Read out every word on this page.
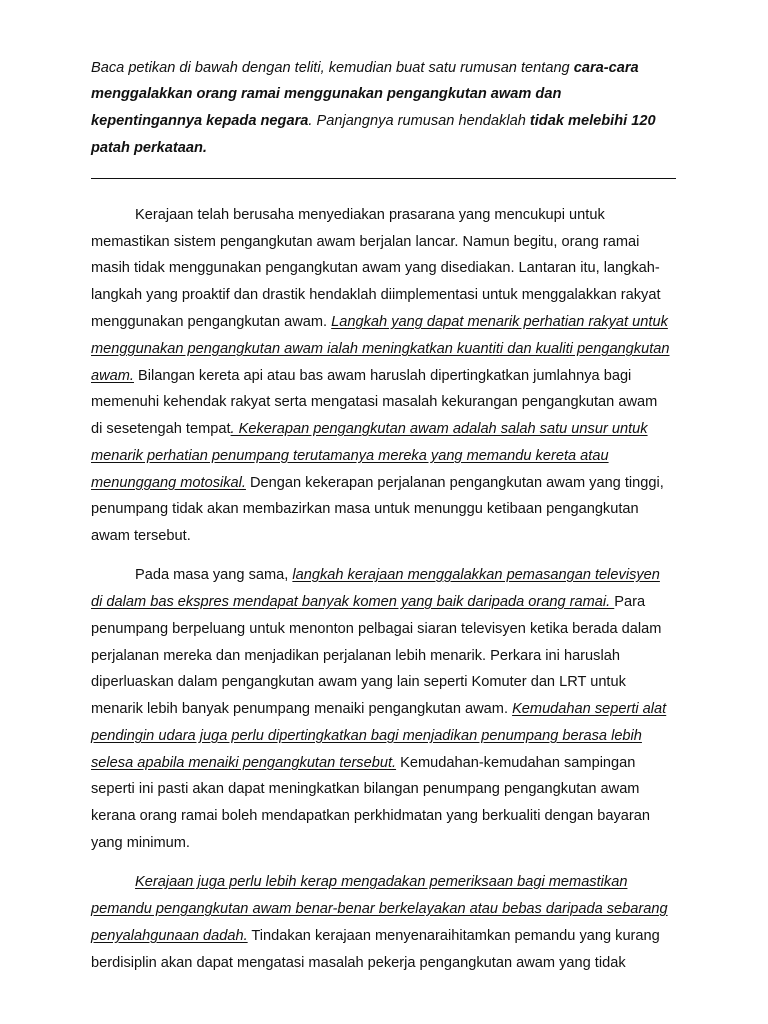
Baca petikan di bawah dengan teliti, kemudian buat satu rumusan tentang cara-cara
menggalakkan orang ramai menggunakan pengangkutan awam dan
kepentingannya kepada negara. Panjangnya rumusan hendaklah tidak melebihi 120
patah perkataan.
Kerajaan telah berusaha menyediakan prasarana yang mencukupi untuk
memastikan sistem pengangkutan awam berjalan lancar. Namun begitu, orang ramai
masih tidak menggunakan pengangkutan awam yang disediakan. Lantaran itu, langkah-
langkah yang proaktif dan drastik hendaklah diimplementasi untuk menggalakkan rakyat
menggunakan pengangkutan awam. Langkah yang dapat menarik perhatian rakyat untuk
menggunakan pengangkutan awam ialah meningkatkan kuantiti dan kualiti pengangkutan
awam. Bilangan kereta api atau bas awam haruslah dipertingkatkan jumlahnya bagi
memenuhi kehendak rakyat serta mengatasi masalah kekurangan pengangkutan awam
di sesetengah tempat. Kekerapan pengangkutan awam adalah salah satu unsur untuk
menarik perhatian penumpang terutamanya mereka yang memandu kereta atau
menunggang motosikal. Dengan kekerapan perjalanan pengangkutan awam yang tinggi,
penumpang tidak akan membazirkan masa untuk menunggu ketibaan pengangkutan
awam tersebut.
Pada masa yang sama, langkah kerajaan menggalakkan pemasangan televisyen
di dalam bas ekspres mendapat banyak komen yang baik daripada orang ramai. Para
penumpang berpeluang untuk menonton pelbagai siaran televisyen ketika berada dalam
perjalanan mereka dan menjadikan perjalanan lebih menarik. Perkara ini haruslah
diperluaskan dalam pengangkutan awam yang lain seperti Komuter dan LRT untuk
menarik lebih banyak penumpang menaiki pengangkutan awam. Kemudahan seperti alat
pendingin udara juga perlu dipertingkatkan bagi menjadikan penumpang berasa lebih
selesa apabila menaiki pengangkutan tersebut. Kemudahan-kemudahan sampingan
seperti ini pasti akan dapat meningkatkan bilangan penumpang pengangkutan awam
kerana orang ramai boleh mendapatkan perkhidmatan yang berkualiti dengan bayaran
yang minimum.
Kerajaan juga perlu lebih kerap mengadakan pemeriksaan bagi memastikan
pemandu pengangkutan awam benar-benar berkelayakan atau bebas daripada sebarang
penyalahgunaan dadah. Tindakan kerajaan menyenaraihitamkan pemandu yang kurang
berdisiplin akan dapat mengatasi masalah pekerja pengangkutan awam yang tidak
